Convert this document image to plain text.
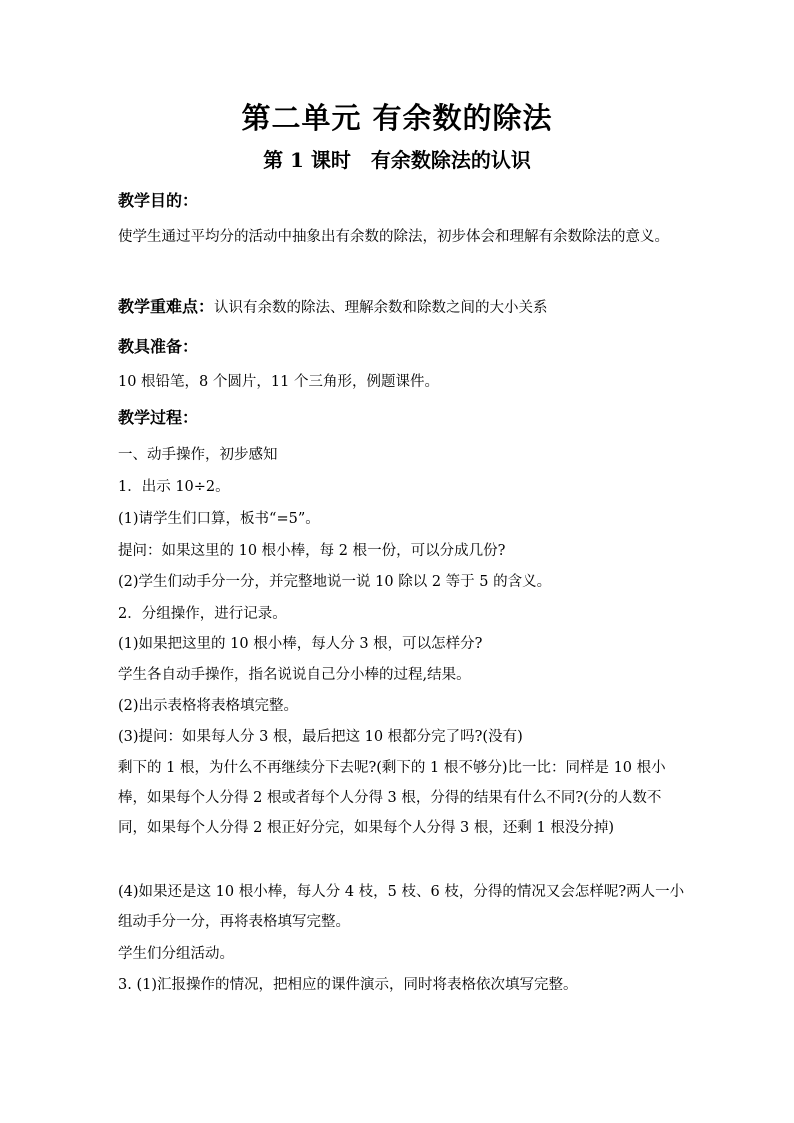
第二单元 有余数的除法
第 1 课时　有余数除法的认识

教学目的：

使学生通过平均分的活动中抽象出有余数的除法，初步体会和理解有余数除法的意义。

教学重难点：认识有余数的除法、理解余数和除数之间的大小关系

教具准备：

10 根铅笔，8 个圆片，11 个三角形，例题课件。

教学过程：

一、动手操作，初步感知

1．出示 10÷2。

(1)请学生们口算，板书“=5”。

提问：如果这里的 10 根小棒，每 2 根一份，可以分成几份?

(2)学生们动手分一分，并完整地说一说 10 除以 2 等于 5 的含义。

2．分组操作，进行记录。

(1)如果把这里的 10 根小棒，每人分 3 根，可以怎样分?

学生各自动手操作，指名说说自己分小棒的过程,结果。

(2)出示表格将表格填完整。

(3)提问：如果每人分 3 根，最后把这 10 根都分完了吗?(没有)

剩下的 1 根，为什么不再继续分下去呢?(剩下的 1 根不够分)比一比：同样是 10 根小棒，如果每个人分得 2 根或者每个人分得 3 根，分得的结果有什么不同?(分的人数不同，如果每个人分得 2 根正好分完，如果每个人分得 3 根，还剩 1 根没分掉)

(4)如果还是这 10 根小棒，每人分 4 枝，5 枝、6 枝，分得的情况又会怎样呢?两人一小组动手分一分，再将表格填写完整。

学生们分组活动。

3. (1)汇报操作的情况，把相应的课件演示，同时将表格依次填写完整。
